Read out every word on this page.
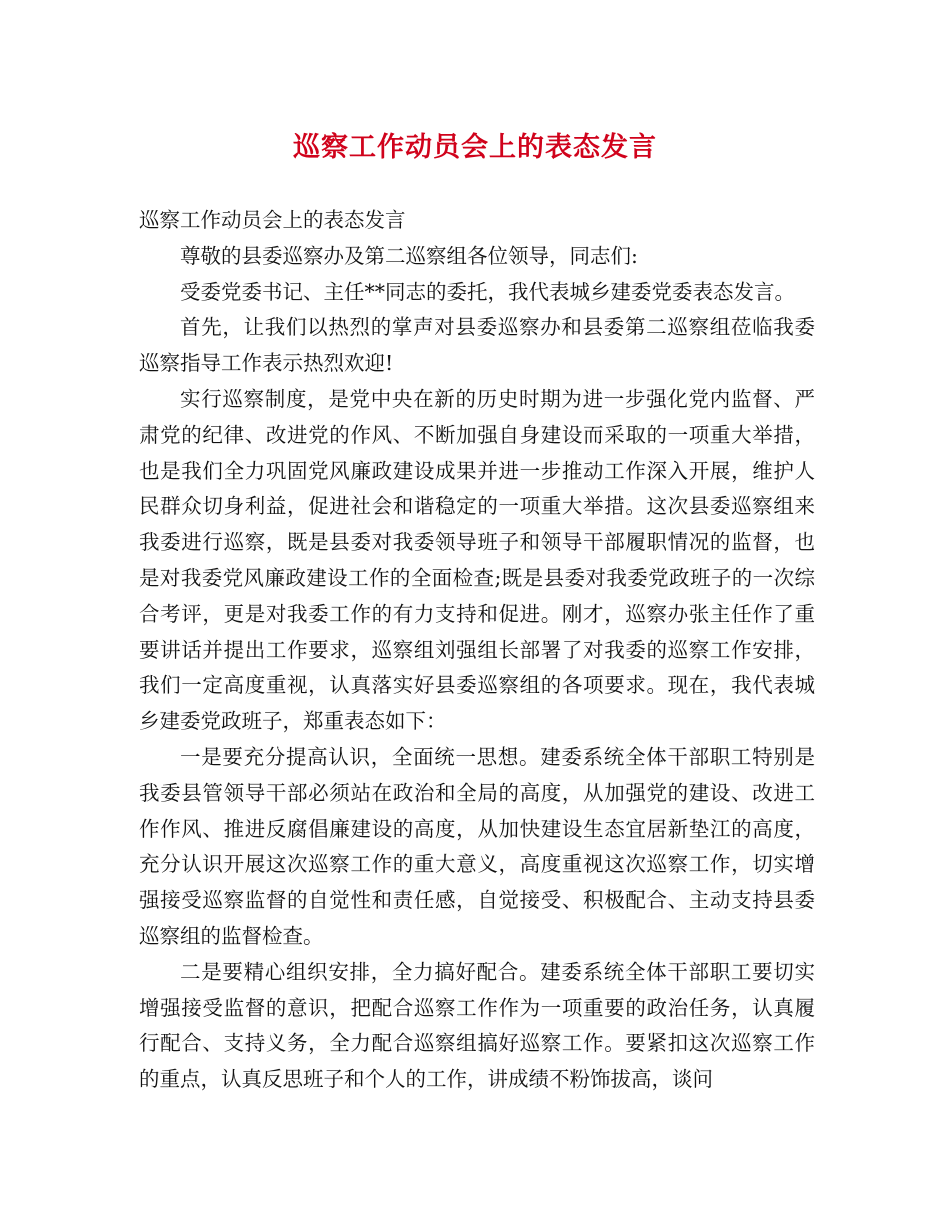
巡察工作动员会上的表态发言

巡察工作动员会上的表态发言

尊敬的县委巡察办及第二巡察组各位领导，同志们:

受委党委书记、主任**同志的委托，我代表城乡建委党委表态发言。

首先，让我们以热烈的掌声对县委巡察办和县委第二巡察组莅临我委巡察指导工作表示热烈欢迎!

实行巡察制度，是党中央在新的历史时期为进一步强化党内监督、严肃党的纪律、改进党的作风、不断加强自身建设而采取的一项重大举措，也是我们全力巩固党风廉政建设成果并进一步推动工作深入开展，维护人民群众切身利益，促进社会和谐稳定的一项重大举措。这次县委巡察组来我委进行巡察，既是县委对我委领导班子和领导干部履职情况的监督，也是对我委党风廉政建设工作的全面检查;既是县委对我委党政班子的一次综合考评，更是对我委工作的有力支持和促进。刚才，巡察办张主任作了重要讲话并提出工作要求，巡察组刘强组长部署了对我委的巡察工作安排，我们一定高度重视，认真落实好县委巡察组的各项要求。现在，我代表城乡建委党政班子，郑重表态如下：

一是要充分提高认识，全面统一思想。建委系统全体干部职工特别是我委县管领导干部必须站在政治和全局的高度，从加强党的建设、改进工作作风、推进反腐倡廉建设的高度，从加快建设生态宜居新垫江的高度，充分认识开展这次巡察工作的重大意义，高度重视这次巡察工作，切实增强接受巡察监督的自觉性和责任感，自觉接受、积极配合、主动支持县委巡察组的监督检查。

二是要精心组织安排，全力搞好配合。建委系统全体干部职工要切实增强接受监督的意识，把配合巡察工作作为一项重要的政治任务，认真履行配合、支持义务，全力配合巡察组搞好巡察工作。要紧扣这次巡察工作的重点，认真反思班子和个人的工作，讲成绩不粉饰拔高，谈问
